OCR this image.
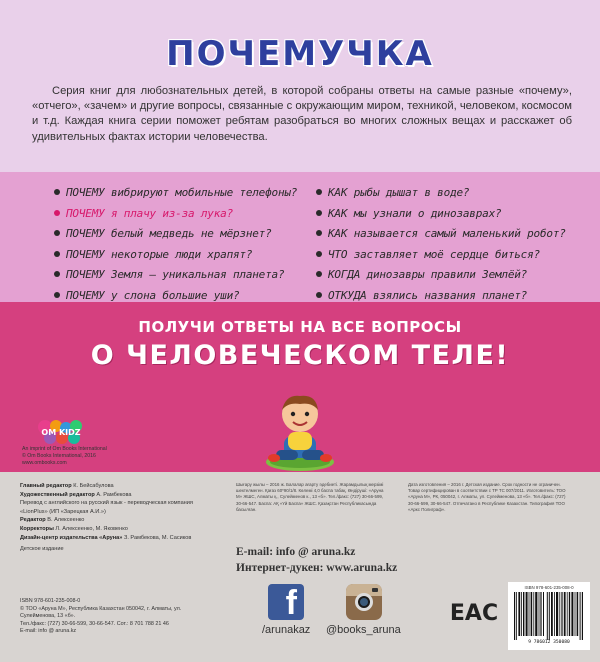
ПОЧЕМУЧКА

Серия книг для любознательных детей, в которой собраны ответы на самые разные «почему», «отчего», «зачем» и другие вопросы, связанные с окружающим миром, техникой, человеком, космосом и т.д. Каждая книга серии поможет ребятам разобраться во многих сложных вещах и расскажет об удивительных фактах истории человечества.

ПОЧЕМУ вибрируют мобильные телефоны?
ПОЧЕМУ я плачу из-за лука?
ПОЧЕМУ белый медведь не мёрзнет?
ПОЧЕМУ некоторые люди храпят?
ПОЧЕМУ Земля — уникальная планета?
ПОЧЕМУ у слона большие уши?
КАК рыбы дышат в воде?
КАК мы узнали о динозаврах?
КАК называется самый маленький робот?
ЧТО заставляет моё сердце биться?
КОГДА динозавры правили Землёй?
ОТКУДА взялись названия планет?
ПОЛУЧИ ОТВЕТЫ НА ВСЕ ВОПРОСЫ
О ЧЕЛОВЕЧЕСКОМ ТЕЛЕ!
OM KIDZ
An imprint of Om Books International
© Om Books International, 2016
www.ombooks.com
Главный редактор К. Бейсабулова
Художественный редактор А. Рамбекова
Перевод с английского на русский язык - переводческая компания «LionPlus» (ИП «Зарецкая А.И.»)
Редактор В. Алексеенко
Корректоры Л. Алексеенко, М. Яковенко
Дизайн-центр издательства «Аруна» З. Рамбекова, М. Сасиков
Детское издание
ISBN 978-601-235-008-0
© ТОО «Аруна М», Республика Казахстан 050042, г. Алматы, ул. Сулейменова, 13 «б».
Тел./факс: (727) 30-66-599, 30-66-547. Сот.: 8 701 788 21 46
E-mail: info @ aruna.kz
Шығару жылы – 2016 ж. Балалар ағарту әдебиеті. Жарамдылық мерзімі шектелмеген. Қағаз 60*90/1/8. Көлемі 4,0 баспа табақ. Өндіруші: «Аруна М» ЖШС, Алматы қ., Сулейменов к., 13 «б». Тел./факс: (727) 30-66-599, 30-66-547. Баспа: АҚ «Үй Баспа» ЖШС. Қазақстан Республикасында басылған.
Дата изготовления – 2016 г. Детская издание. Срок годности не ограничен. Товар сертифицирован в соответствии с ТР ТС 007/2011. Изготовитель: ТОО «Аруна М», РК, 050042, г. Алматы, ул. Сулейменова, 13 «б». Тел./факс: (727) 30-66-599, 30-66-547. Отпечатано в Республике Казахстан. Типография ТОО «Аркс Полиграф».
E-mail: info @ aruna.kz
Интернет-дукен: www.aruna.kz
f
/arunakaz @books_aruna
EAC
ISBN 978-601-235-008-0
9 786012 350080
